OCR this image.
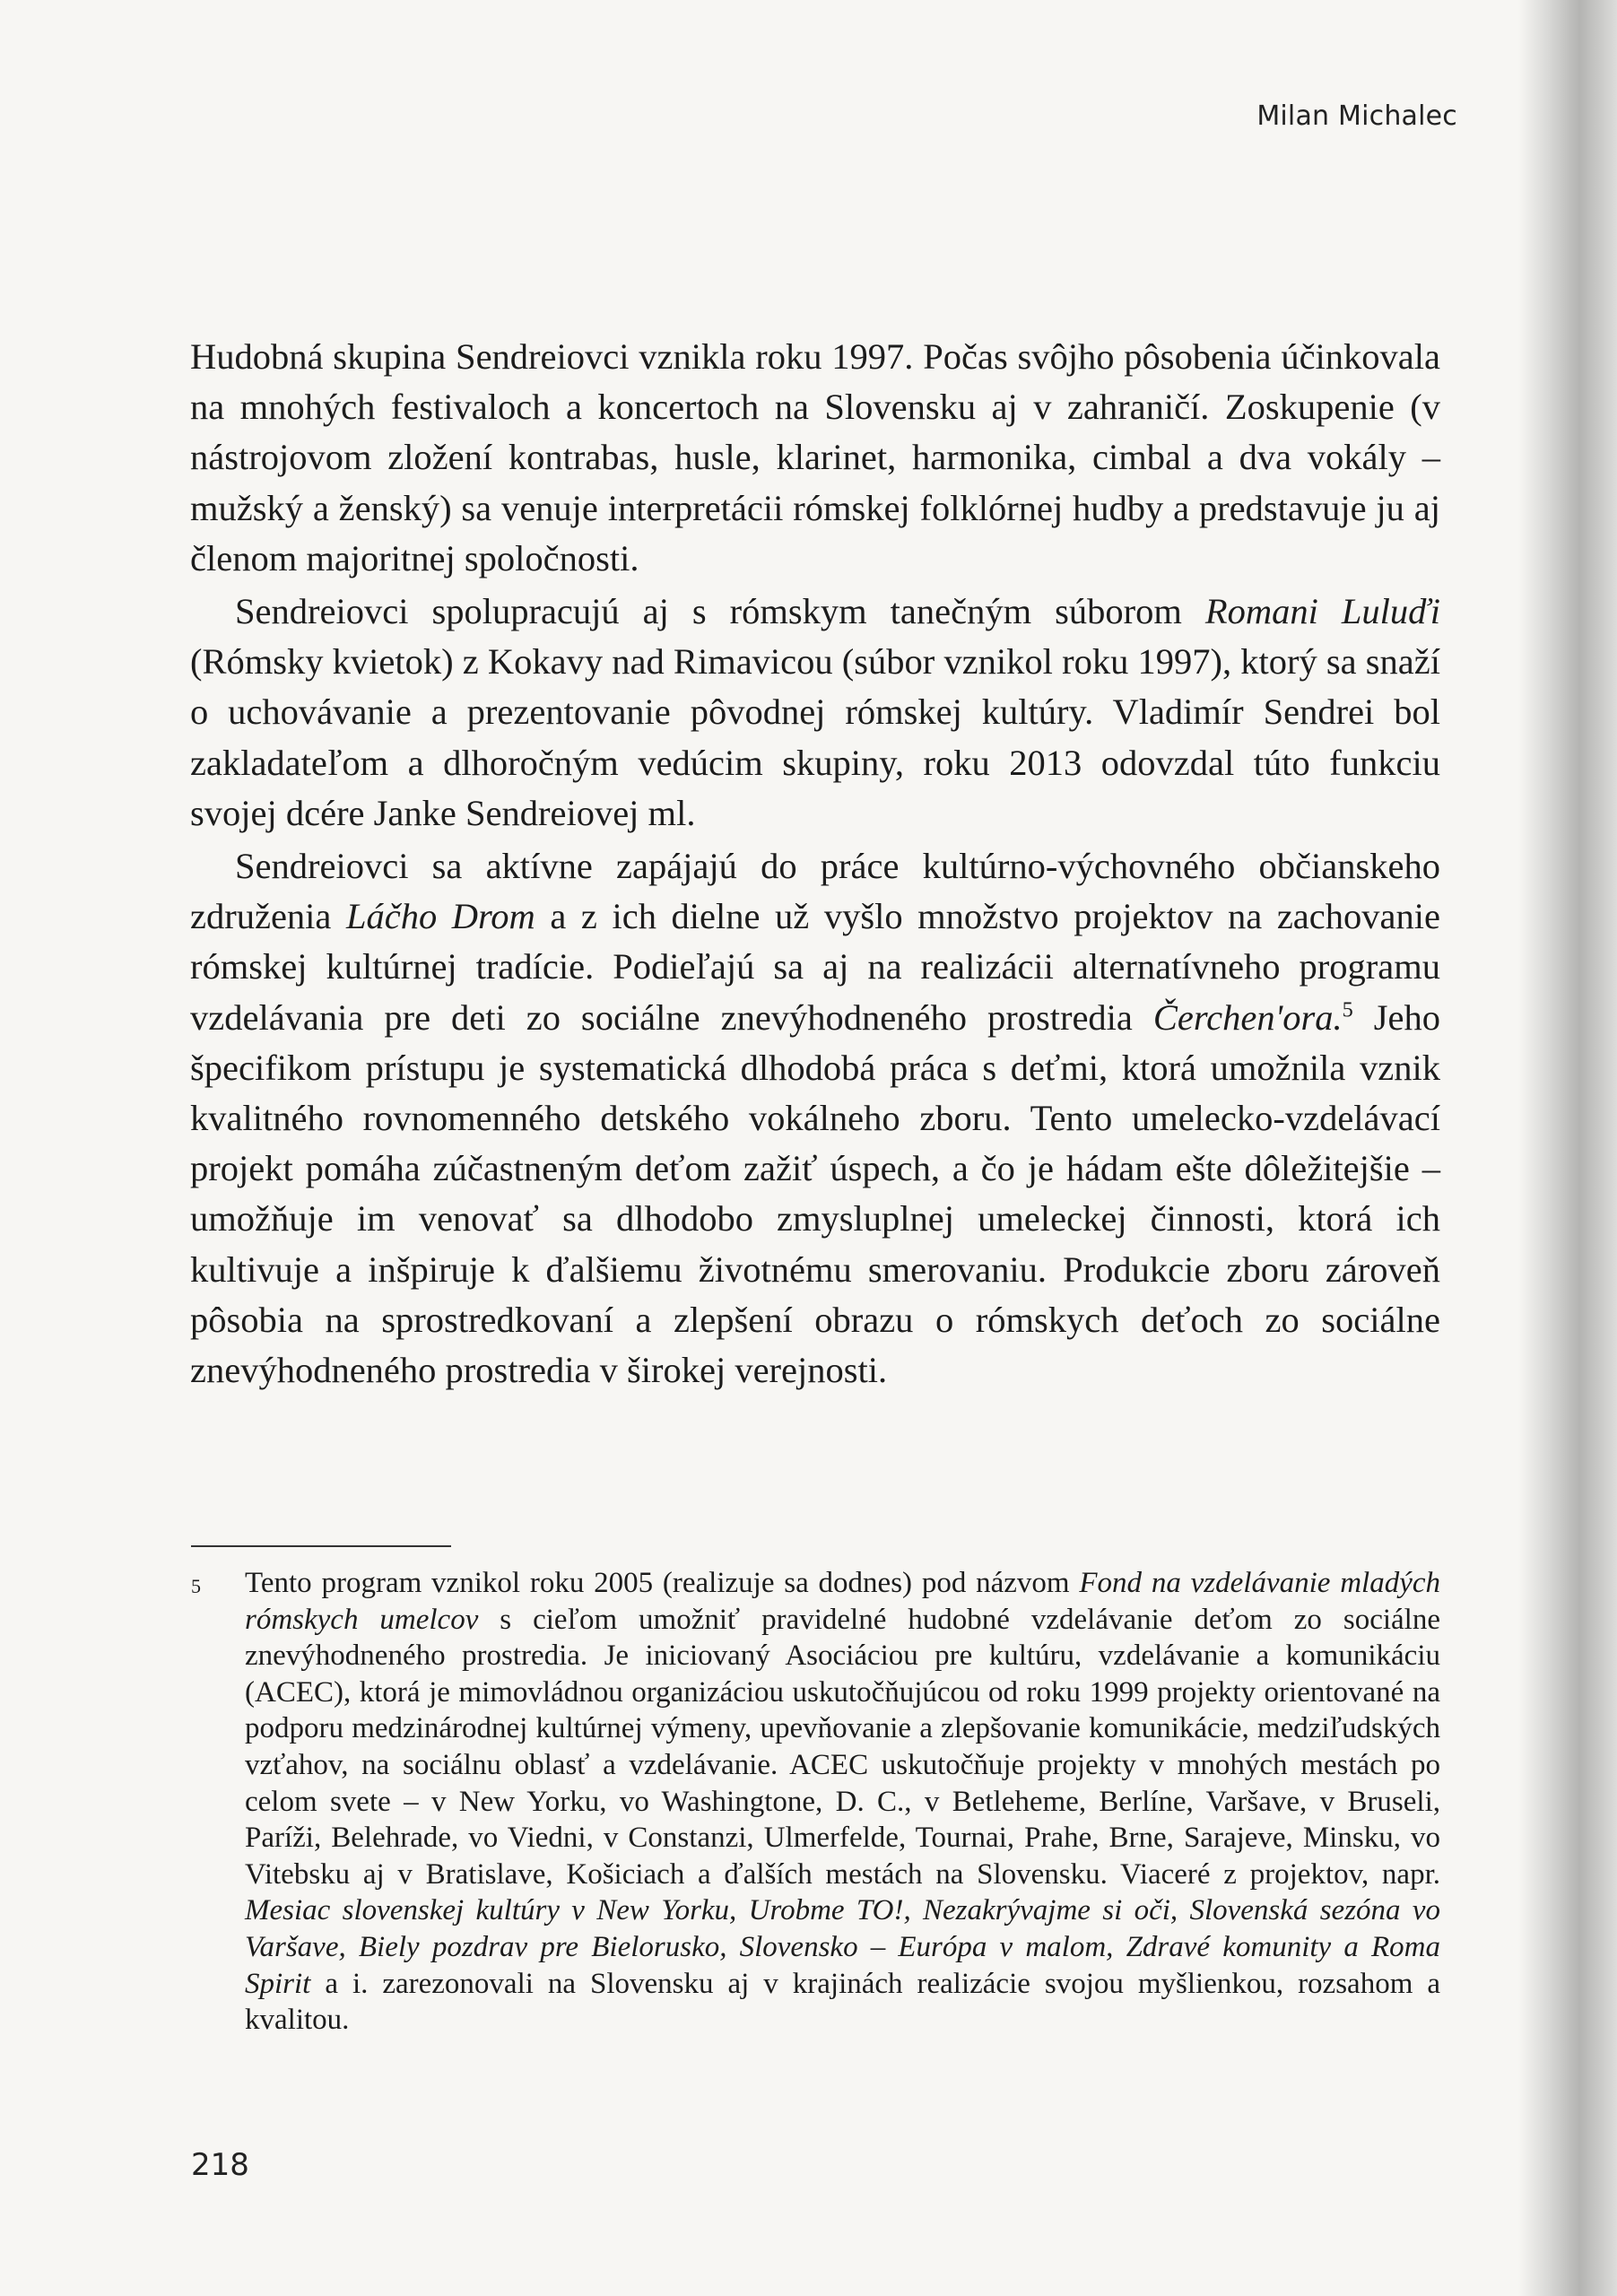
Milan Michalec

Hudobná skupina Sendreiovci vznikla roku 1997. Počas svôjho pôsobenia účinkovala na mnohých festivaloch a koncertoch na Slovensku aj v zahraničí. Zoskupenie (v nástrojovom zložení kontrabas, husle, klarinet, harmonika, cimbal a dva vokály – mužský a ženský) sa venuje interpretácii rómskej folklórnej hudby a predstavuje ju aj členom majoritnej spoločnosti.

Sendreiovci spolupracujú aj s rómskym tanečným súborom Romani Luluďi (Rómsky kvietok) z Kokavy nad Rimavicou (súbor vznikol roku 1997), ktorý sa snaží o uchovávanie a prezentovanie pôvodnej rómskej kultúry. Vladimír Sendrei bol zakladateľom a dlhoročným vedúcim skupiny, roku 2013 odovzdal túto funkciu svojej dcére Janke Sendreiovej ml.

Sendreiovci sa aktívne zapájajú do práce kultúrno-výchovného občianskeho združenia Láčho Drom a z ich dielne už vyšlo množstvo projektov na zachovanie rómskej kultúrnej tradície. Podieľajú sa aj na realizácii alternatívneho programu vzdelávania pre deti zo sociálne znevýhodneného prostredia Čerchen'ora.$^5$ Jeho špecifikom prístupu je systematická dlhodobá práca s deťmi, ktorá umožnila vznik kvalitného rovnomenného detského vokálneho zboru. Tento umelecko-vzdelávací projekt pomáha zúčastneným deťom zažiť úspech, a čo je hádam ešte dôležitejšie – umožňuje im venovať sa dlhodobo zmysluplnej umeleckej činnosti, ktorá ich kultivuje a inšpiruje k ďalšiemu životnému smerovaniu. Produkcie zboru zároveň pôsobia na sprostredkovaní a zlepšení obrazu o rómskych deťoch zo sociálne znevýhodneného prostredia v širokej verejnosti.

5 Tento program vznikol roku 2005 (realizuje sa dodnes) pod názvom Fond na vzdelávanie mladých rómskych umelcov s cieľom umožniť pravidelné hudobné vzdelávanie deťom zo sociálne znevýhodneného prostredia. Je iniciovaný Asociáciou pre kultúru, vzdelávanie a komunikáciu (ACEC), ktorá je mimovládnou organizáciou uskutočňujúcou od roku 1999 projekty orientované na podporu medzinárodnej kultúrnej výmeny, upevňovanie a zlepšovanie komunikácie, medziľudských vzťahov, na sociálnu oblasť a vzdelávanie. ACEC uskutočňuje projekty v mnohých mestách po celom svete – v New Yorku, vo Washingtone, D. C., v Betleheme, Berlíne, Varšave, v Bruseli, Paríži, Belehrade, vo Viedni, v Constanzi, Ulmerfelde, Tournai, Prahe, Brne, Sarajeve, Minsku, vo Vitebsku aj v Bratislave, Košiciach a ďalších mestách na Slovensku. Viaceré z projektov, napr. Mesiac slovenskej kultúry v New Yorku, Urobme TO!, Nezakrývajme si oči, Slovenská sezóna vo Varšave, Biely pozdrav pre Bielorusko, Slovensko – Európa v malom, Zdravé komunity a Roma Spirit a i. zarezonovali na Slovensku aj v krajinách realizácie svojou myšlienkou, rozsahom a kvalitou.

218
